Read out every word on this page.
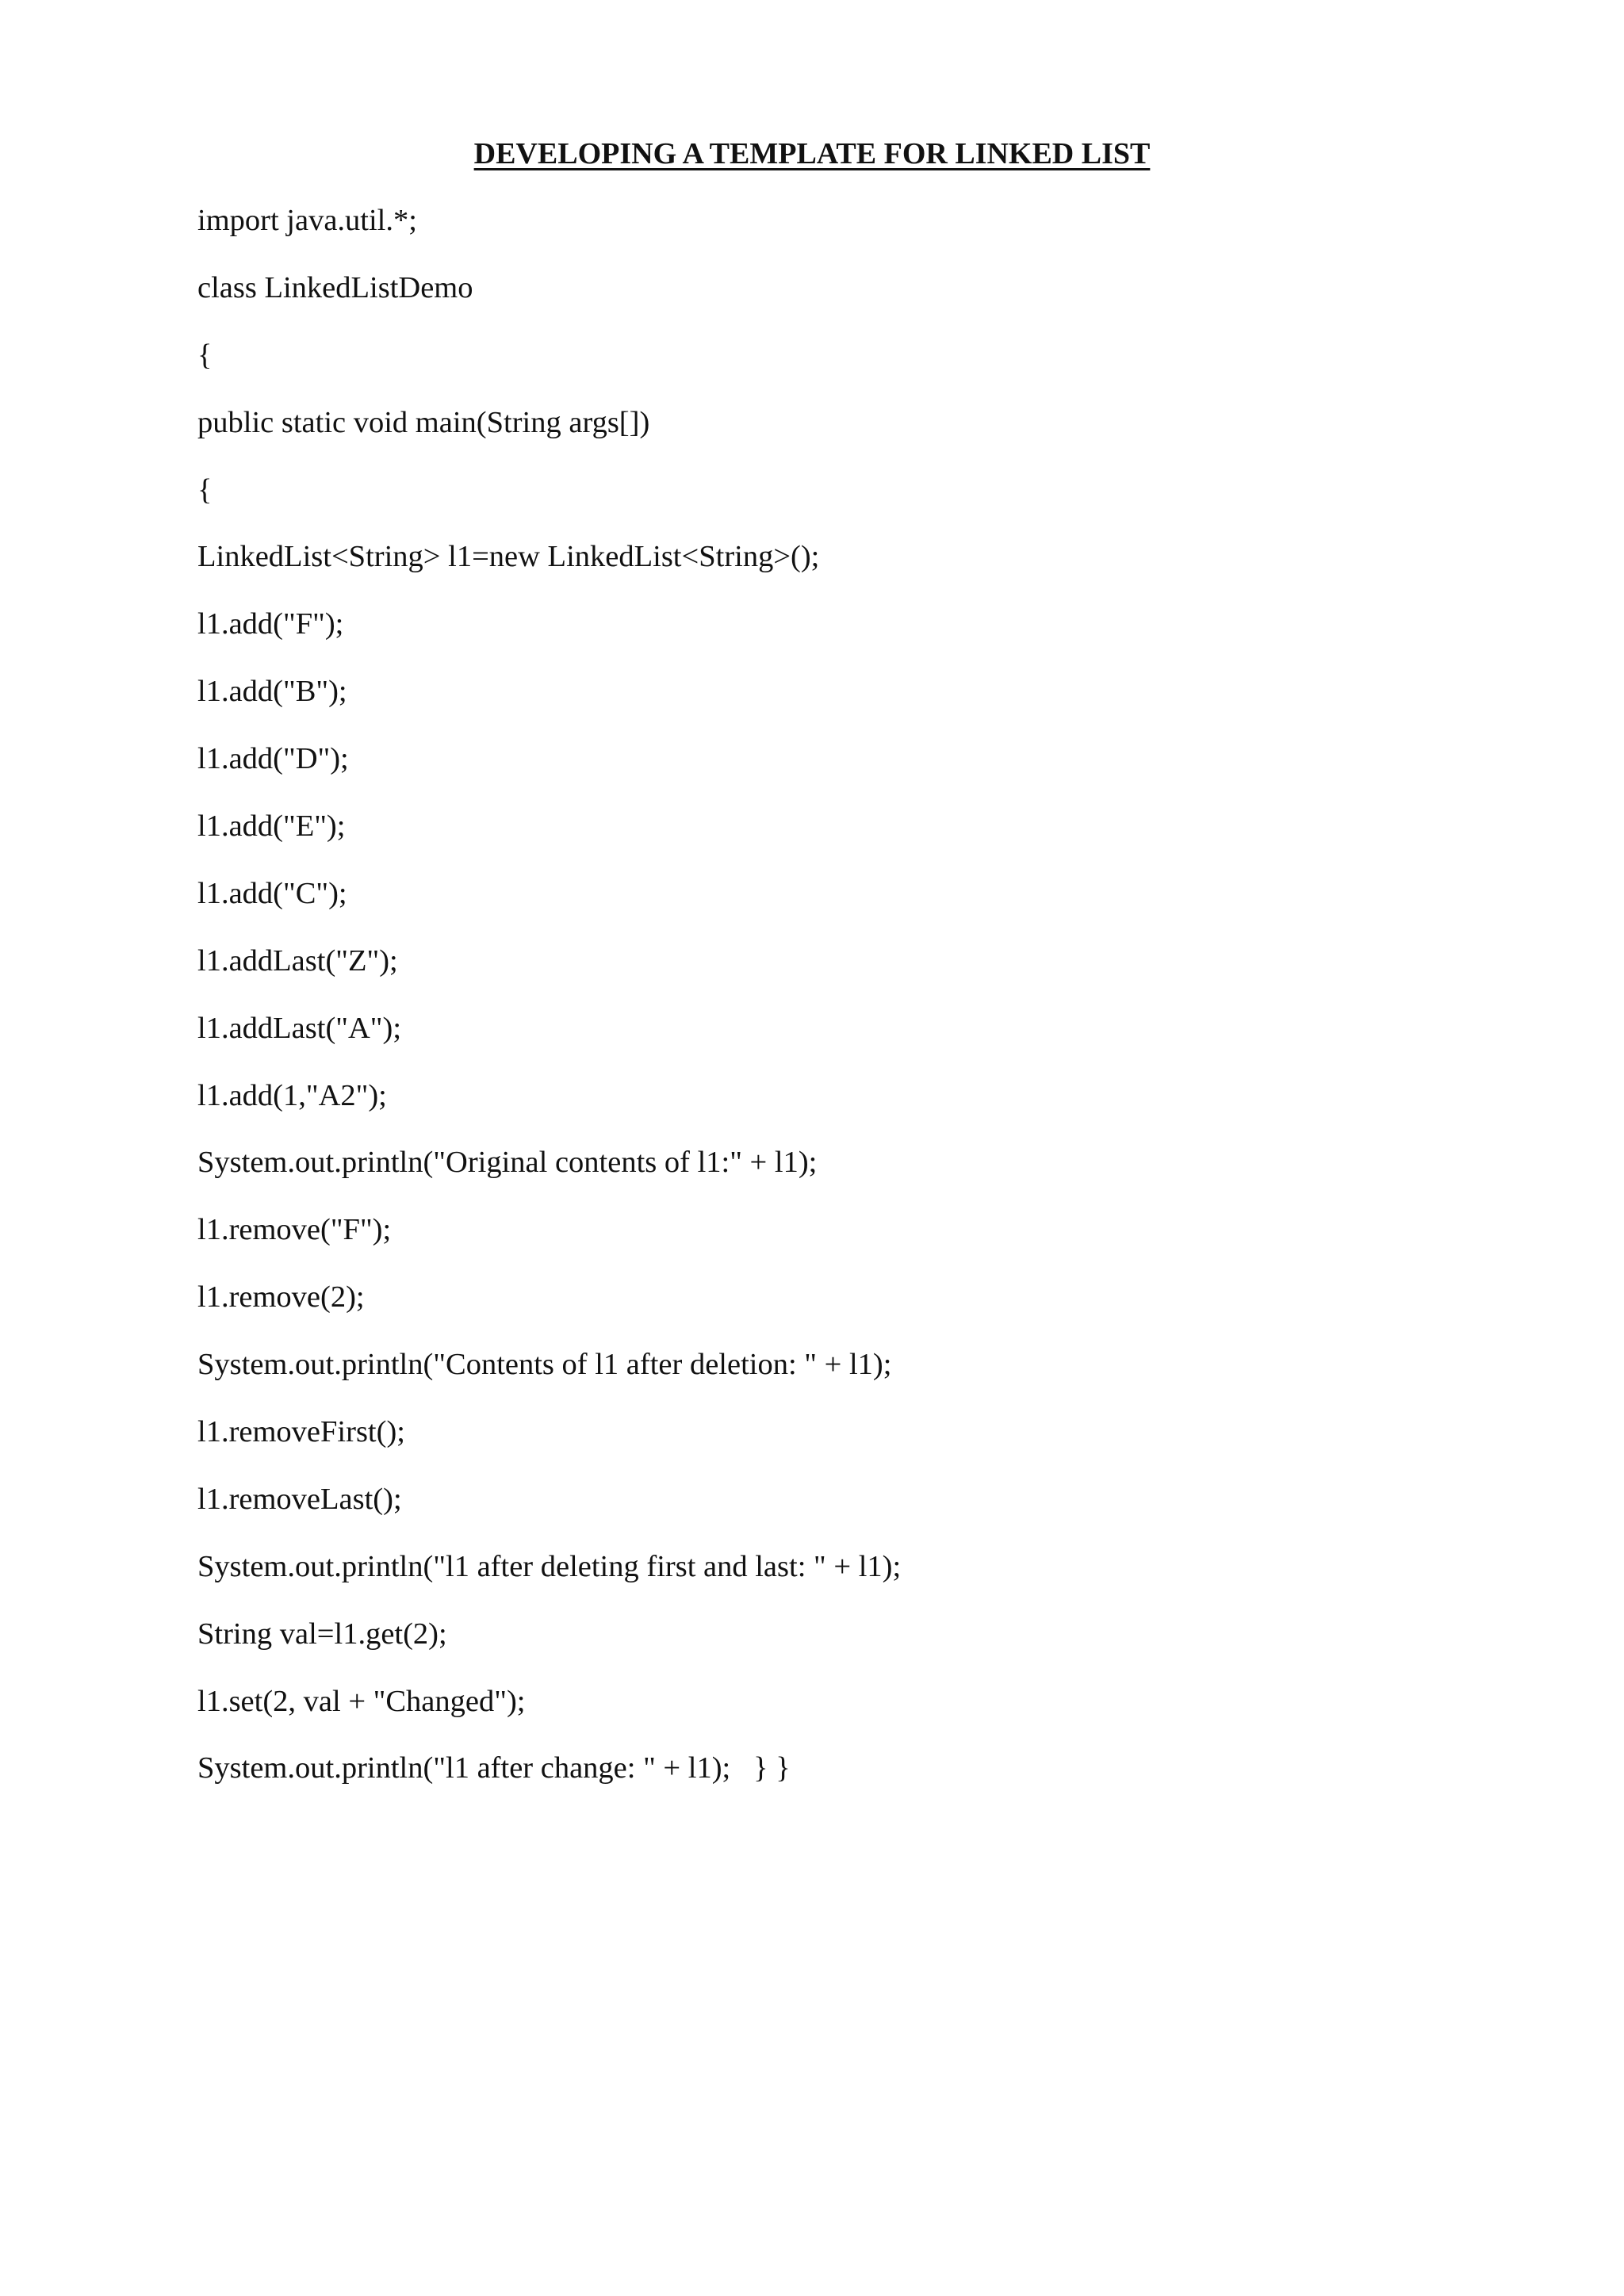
DEVELOPING A TEMPLATE FOR LINKED LIST
import java.util.*;
class LinkedListDemo
{
public static void main(String args[])
{
LinkedList<String> l1=new LinkedList<String>();
l1.add("F");
l1.add("B");
l1.add("D");
l1.add("E");
l1.add("C");
l1.addLast("Z");
l1.addLast("A");
l1.add(1,"A2");
System.out.println("Original contents of l1:" + l1);
l1.remove("F");
l1.remove(2);
System.out.println("Contents of l1 after deletion: " + l1);
l1.removeFirst();
l1.removeLast();
System.out.println("l1 after deleting first and last: " + l1);
String val=l1.get(2);
l1.set(2, val + "Changed");
System.out.println("l1 after change: " + l1);   } }
